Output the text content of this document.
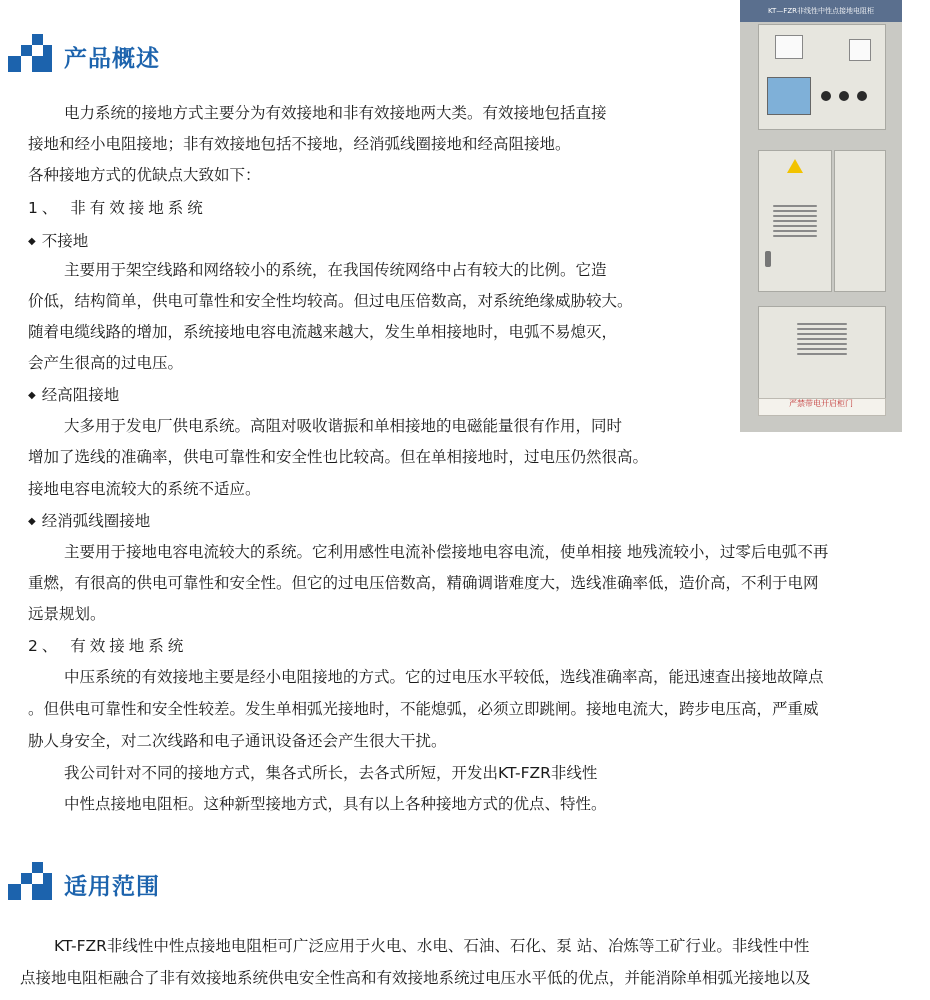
产品概述
电力系统的接地方式主要分为有效接地和非有效接地两大类。有效接地包括直接
接地和经小电阻接地；非有效接地包括不接地，经消弧线圈接地和经高阻接地。
各种接地方式的优缺点大致如下：
1、 非有效接地系统
◆ 不接地
主要用于架空线路和网络较小的系统，在我国传统网络中占有较大的比例。它造
价低，结构简单，供电可靠性和安全性均较高。但过电压倍数高，对系统绝缘威胁较大。
随着电缆线路的增加，系统接地电容电流越来越大，发生单相接地时，电弧不易熄灭，
会产生很高的过电压。
◆ 经高阻接地
大多用于发电厂供电系统。高阻对吸收谐振和单相接地的电磁能量很有作用，同时
增加了选线的准确率，供电可靠性和安全性也比较高。但在单相接地时，过电压仍然很高。
接地电容电流较大的系统不适应。
◆ 经消弧线圈接地
主要用于接地电容电流较大的系统。它利用感性电流补偿接地电容电流，使单相接 地残流较小，过零后电弧不再
重燃，有很高的供电可靠性和安全性。但它的过电压倍数高，精确调谐难度大，选线准确率低，造价高，不利于电网
远景规划。
2、 有效接地系统
中压系统的有效接地主要是经小电阻接地的方式。它的过电压水平较低，选线准确率高，能迅速查出接地故障点
。但供电可靠性和安全性较差。发生单相弧光接地时，不能熄弧，必须立即跳闸。接地电流大，跨步电压高，严重威
胁人身安全，对二次线路和电子通讯设备还会产生很大干扰。
我公司针对不同的接地方式，集各式所长，去各式所短，开发出KT-FZR非线性
中性点接地电阻柜。这种新型接地方式，具有以上各种接地方式的优点、特性。
KT—FZR非线性中性点接地电阻柜
严禁带电开启柜门
适用范围
KT-FZR非线性中性点接地电阻柜可广泛应用于火电、水电、石油、石化、泵 站、冶炼等工矿行业。非线性中性
点接地电阻柜融合了非有效接地系统供电安全性高和有效接地系统过电压水平低的优点，并能消除单相弧光接地以及
